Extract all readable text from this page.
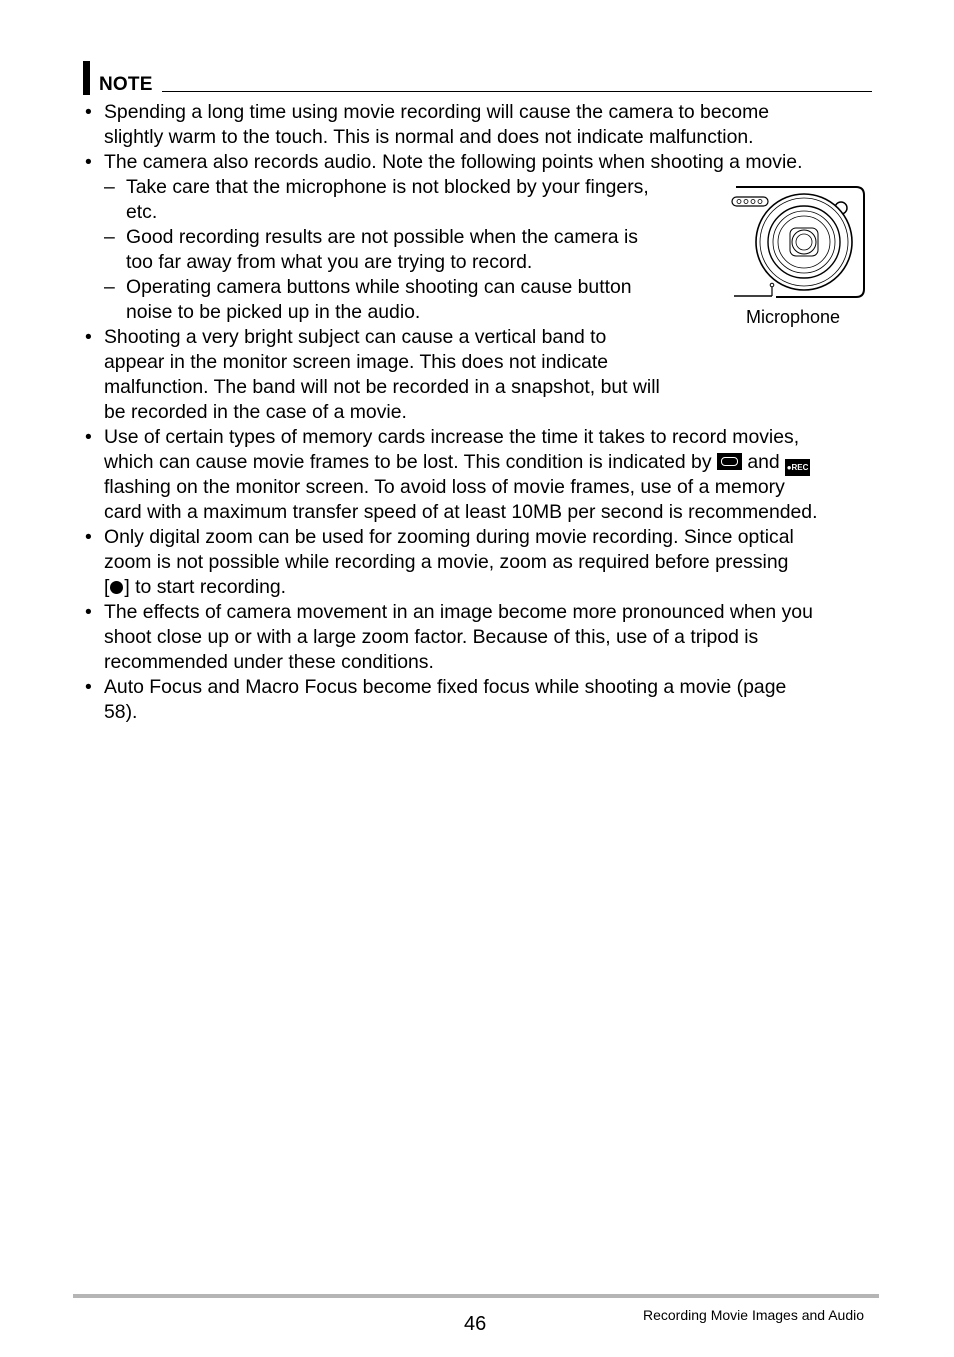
NOTE
• Spending a long time using movie recording will cause the camera to become
slightly warm to the touch. This is normal and does not indicate malfunction.
• The camera also records audio. Note the following points when shooting a movie.
– Take care that the microphone is not blocked by your fingers,
etc.
– Good recording results are not possible when the camera is
too far away from what you are trying to record.
– Operating camera buttons while shooting can cause button
noise to be picked up in the audio.	Microphone
• Shooting a very bright subject can cause a vertical band to
appear in the monitor screen image. This does not indicate
malfunction. The band will not be recorded in a snapshot, but will
be recorded in the case of a movie.
• Use of certain types of memory cards increase the time it takes to record movies,
which can cause movie frames to be lost. This condition is indicated by and ●REC
flashing on the monitor screen. To avoid loss of movie frames, use of a memory
card with a maximum transfer speed of at least 10MB per second is recommended.
• Only digital zoom can be used for zooming during movie recording. Since optical
zoom is not possible while recording a movie, zoom as required before pressing
[ ] to start recording.
• The effects of camera movement in an image become more pronounced when you
shoot close up or with a large zoom factor. Because of this, use of a tripod is
recommended under these conditions.
• Auto Focus and Macro Focus become fixed focus while shooting a movie (page
58).
46	Recording Movie Images and Audio
